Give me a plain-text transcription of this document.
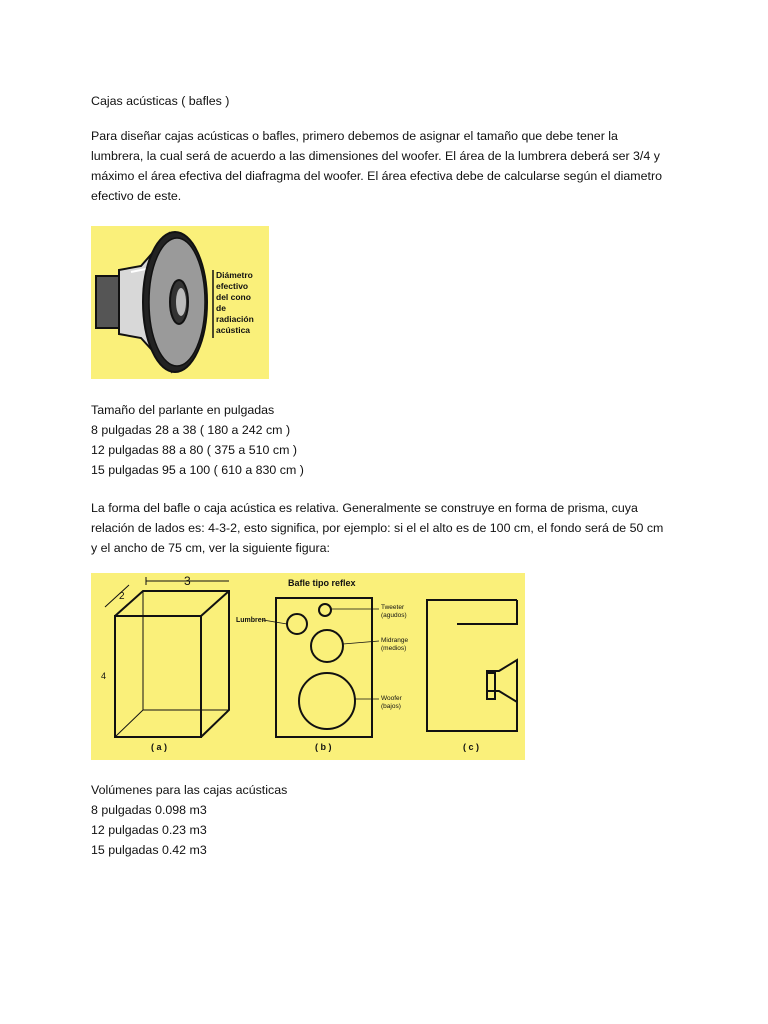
Cajas acústicas ( bafles )

Para diseñar cajas acústicas o bafles, primero debemos de asignar el tamaño que debe tener la

lumbrera, la cual será de acuerdo a las dimensiones del woofer. El área de la lumbrera deberá ser 3/4 y

máximo el área efectiva del diafragma del woofer. El área efectiva debe de calcularse según el diametro

efectivo de este.

Diámetro
efectivo
del cono
de
radiación
acústica

Tamaño del parlante en pulgadas

8 pulgadas 28 a 38 ( 180 a 242 cm )

12 pulgadas 88 a 80 ( 375 a 510 cm )

15 pulgadas 95 a 100 ( 610 a 830 cm )

La forma del bafle o caja acústica es relativa. Generalmente se construye en forma de prisma, cuya

relación de lados es: 4-3-2, esto significa, por ejemplo: si el el alto es de 100 cm, el fondo será de 50 cm

y el ancho de 75 cm, ver la siguiente figura:

3
2
4
( a )
Bafle tipo reflex
Lumbren
Tweeter
(agudos)
Midrange
(medios)
Woofer
(bajos)
( b )	( c )

Volúmenes para las cajas acústicas

8 pulgadas 0.098 m3

12 pulgadas 0.23 m3

15 pulgadas 0.42 m3
